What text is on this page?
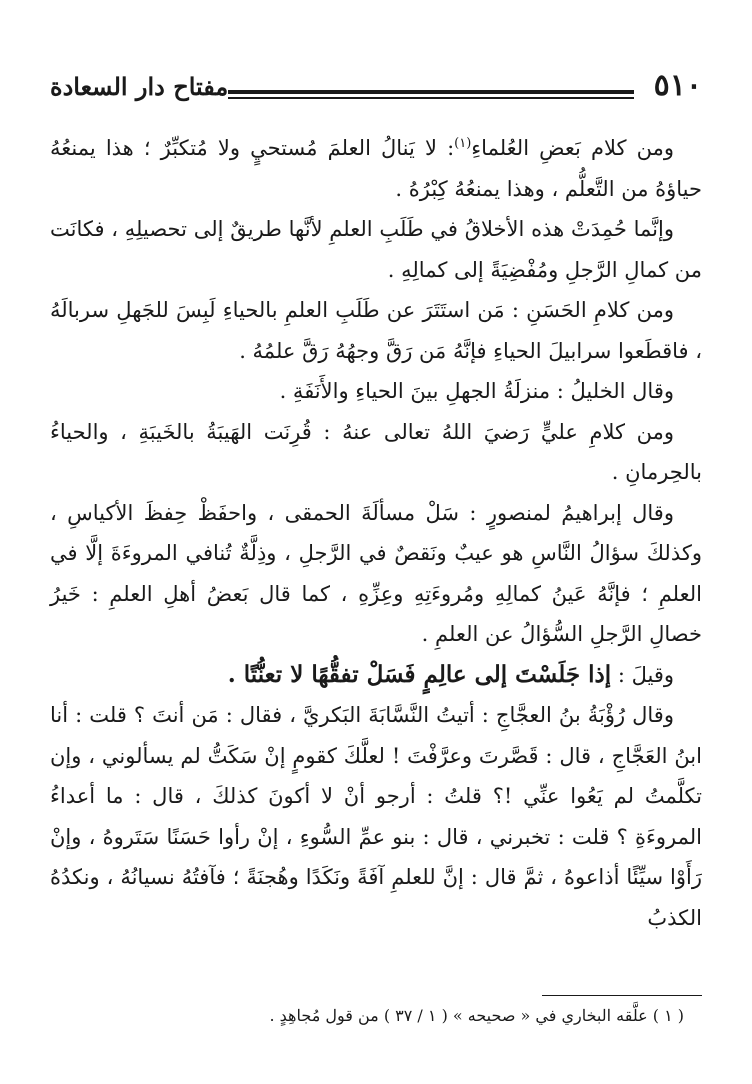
٥١٠
مفتاح دار السعادة

ومن كلام بَعضِ العُلماءِ$^{(١)}$: لا يَنالُ العلمَ مُستحيٍ ولا مُتكبِّرٌ ؛ هذا يمنعُهُ حياؤهُ من التَّعلُّم ، وهذا يمنعُهُ كِبْرُهُ .

وإنَّما حُمِدَتْ هذه الأخلاقُ في طَلَبِ العلمِ لأنَّها طريقٌ إلى تحصيلِهِ ، فكانَت من كمالِ الرَّجلِ ومُفْضِيَةً إلى كمالِهِ .

ومن كلامِ الحَسَنِ : مَن استَتَرَ عن طَلَبِ العلمِ بالحياءِ لَبِسَ للجَهلِ سربالَهُ ، فاقطَعوا سرابيلَ الحياءِ فإنَّهُ مَن رَقَّ وجهُهُ رَقَّ علمُهُ .

وقال الخليلُ : منزلَةُ الجهلِ بينَ الحياءِ والأَنَفَةِ .

ومن كلامِ عليٍّ رَضيَ اللهُ تعالى عنهُ : قُرِنَت الهَيبَةُ بالخَيبَةِ ، والحياءُ بالحِرمانِ .

وقال إبراهيمُ لمنصورٍ : سَلْ مسألَةَ الحمقى ، واحفَظْ حِفظَ الأكياسِ ، وكذلكَ سؤالُ النَّاسِ هو عيبٌ ونَقصٌ في الرَّجلِ ، وذِلَّةٌ تُنافي المروءَةَ إلَّا في العلمِ ؛ فإنَّهُ عَينُ كمالِهِ ومُروءَتِهِ وعِزِّهِ ، كما قال بَعضُ أهلِ العلمِ : خَيرُ خصالِ الرَّجلِ السُّؤالُ عن العلمِ .

وقيلَ : إذا جَلَسْتَ إلى عالِمٍ فَسَلْ تفقُّهًا لا تعنُّتًا .

وقال رُؤْبَةُ بنُ العجَّاجِ : أتيتُ النَّسَّابَةَ البَكريَّ ، فقال : مَن أنتَ ؟ قلت : أنا ابنُ العَجَّاجِ ، قال : قَصَّرتَ وعرَّفْتَ ! لعلَّكَ كقومٍ إنْ سَكَتُّ لم يسألوني ، وإن تكلَّمتُ لم يَعُوا عنِّي !؟ قلتُ : أرجو أنْ لا أكونَ كذلكَ ، قال : ما أعداءُ المروءَةِ ؟ قلت : تخبرني ، قال : بنو عمِّ السُّوءِ ، إنْ رأوا حَسَنًا سَتَروهُ ، وإنْ رَأَوْا سيِّئًا أذاعوهُ ، ثمَّ قال : إنَّ للعلمِ آفَةً ونَكَدًا وهُجنَةً ؛ فآفتُهُ نسيانُهُ ، ونكدُهُ الكذبُ

( ١ ) علَّقه البخاري في « صحيحه » ( ١ / ٣٧ ) من قول مُجاهِدٍ .
